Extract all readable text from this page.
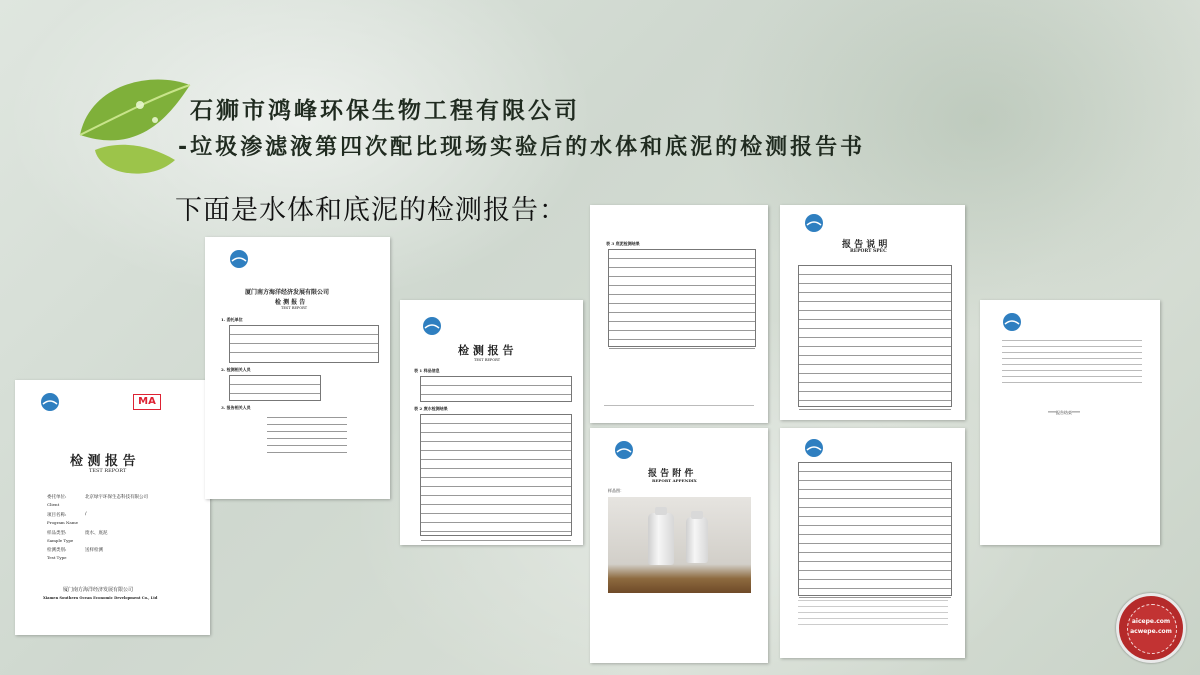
石狮市鸿峰环保生物工程有限公司
-垃圾渗滤液第四次配比现场实验后的水体和底泥的检测报告书
下面是水体和底泥的检测报告：
MA
检 测 报 告
TEST REPORT
委托单位:	北京绿宇环保生态科技有限公司
Client
项目名称:	/
Program Name
样品类型:	废水、底泥
Sample Type
检测类别:	送样检测
Test Type
厦门南方海洋经济发展有限公司
Xiamen Southern Ocean Economic Development Co., Ltd
厦门南方海洋经济发展有限公司
检 测 报 告
TEST REPORT
1. 委托单位
2. 检测相关人员
3. 报告相关人员
检 测 报 告
TEST REPORT
表 1 样品信息
表 2 废水检测结果
表 3 底泥检测结果
报 告 附 件
REPORT APPENDIX
样品图：
报 告 说 明
REPORT SPEC
****报告结束****
aicepe.com
acwepe.com
